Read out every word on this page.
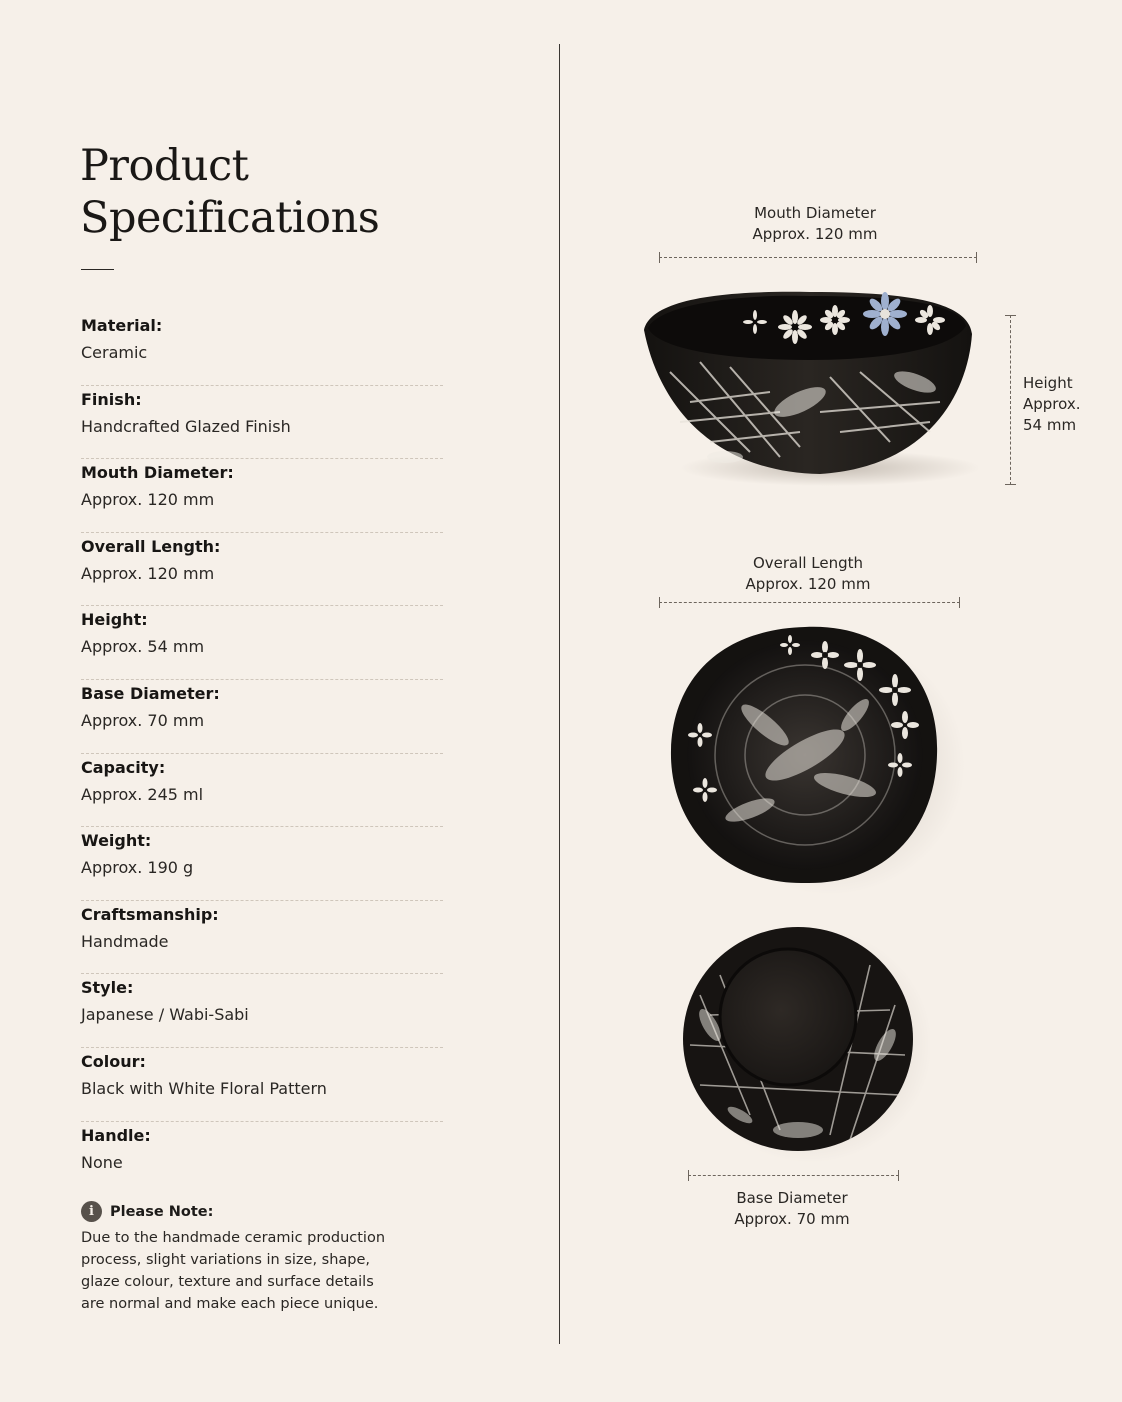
Product
Specifications
Material:
Ceramic
Finish:
Handcrafted Glazed Finish
Mouth Diameter:
Approx. 120 mm
Overall Length:
Approx. 120 mm
Height:
Approx. 54 mm
Base Diameter:
Approx. 70 mm
Capacity:
Approx. 245 ml
Weight:
Approx. 190 g
Craftsmanship:
Handmade
Style:
Japanese / Wabi-Sabi
Colour:
Black with White Floral Pattern
Handle:
None
i	Please Note:
Due to the handmade ceramic production
process, slight variations in size, shape,
glaze colour, texture and surface details
are normal and make each piece unique.
Mouth Diameter
Approx. 120 mm
Height
Approx.
54 mm
Overall Length
Approx. 120 mm
Base Diameter
Approx. 70 mm
